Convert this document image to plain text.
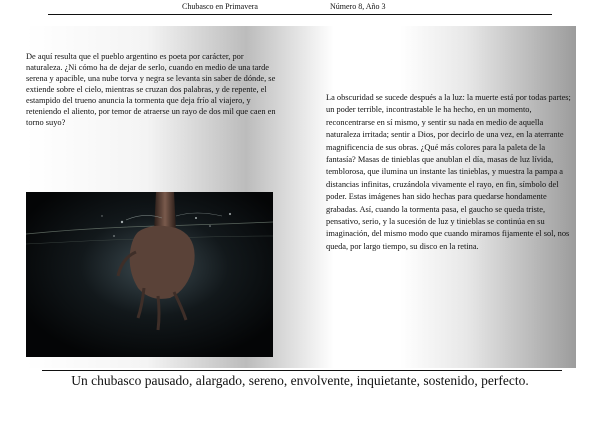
Chubasco en Primavera	Número 8, Año 3
De aquí resulta que el pueblo argentino es poeta por carácter, por naturaleza. ¿Ni cómo ha de dejar de serlo, cuando en medio de una tarde serena y apacible, una nube torva y negra se levanta sin saber de dónde, se extiende sobre el cielo, mientras se cruzan dos palabras, y de repente, el estampido del trueno anuncia la tormenta que deja frío al viajero, y reteniendo el aliento, por temor de atraerse un rayo de dos mil que caen en torno suyo?
La obscuridad se sucede después a la luz: la muerte está por todas partes; un poder terrible, incontrastable le ha hecho, en un momento, reconcentrarse en sí mismo, y sentir su nada en medio de aquella naturaleza irritada; sentir a Dios, por decirlo de una vez, en la aterrante magnificencia de sus obras. ¿Qué más colores para la paleta de la fantasía? Masas de tinieblas que anublan el día, masas de luz lívida, temblorosa, que ilumina un instante las tinieblas, y muestra la pampa a distancias infinitas, cruzándola vivamente el rayo, en fin, símbolo del poder. Estas imágenes han sido hechas para quedarse hondamente grabadas. Así, cuando la tormenta pasa, el gaucho se queda triste, pensativo, serio, y la sucesión de luz y tinieblas se continúa en su imaginación, del mismo modo que cuando miramos fijamente el sol, nos queda, por largo tiempo, su disco en la retina.
Un chubasco pausado, alargado, sereno, envolvente, inquietante, sostenido, perfecto.
